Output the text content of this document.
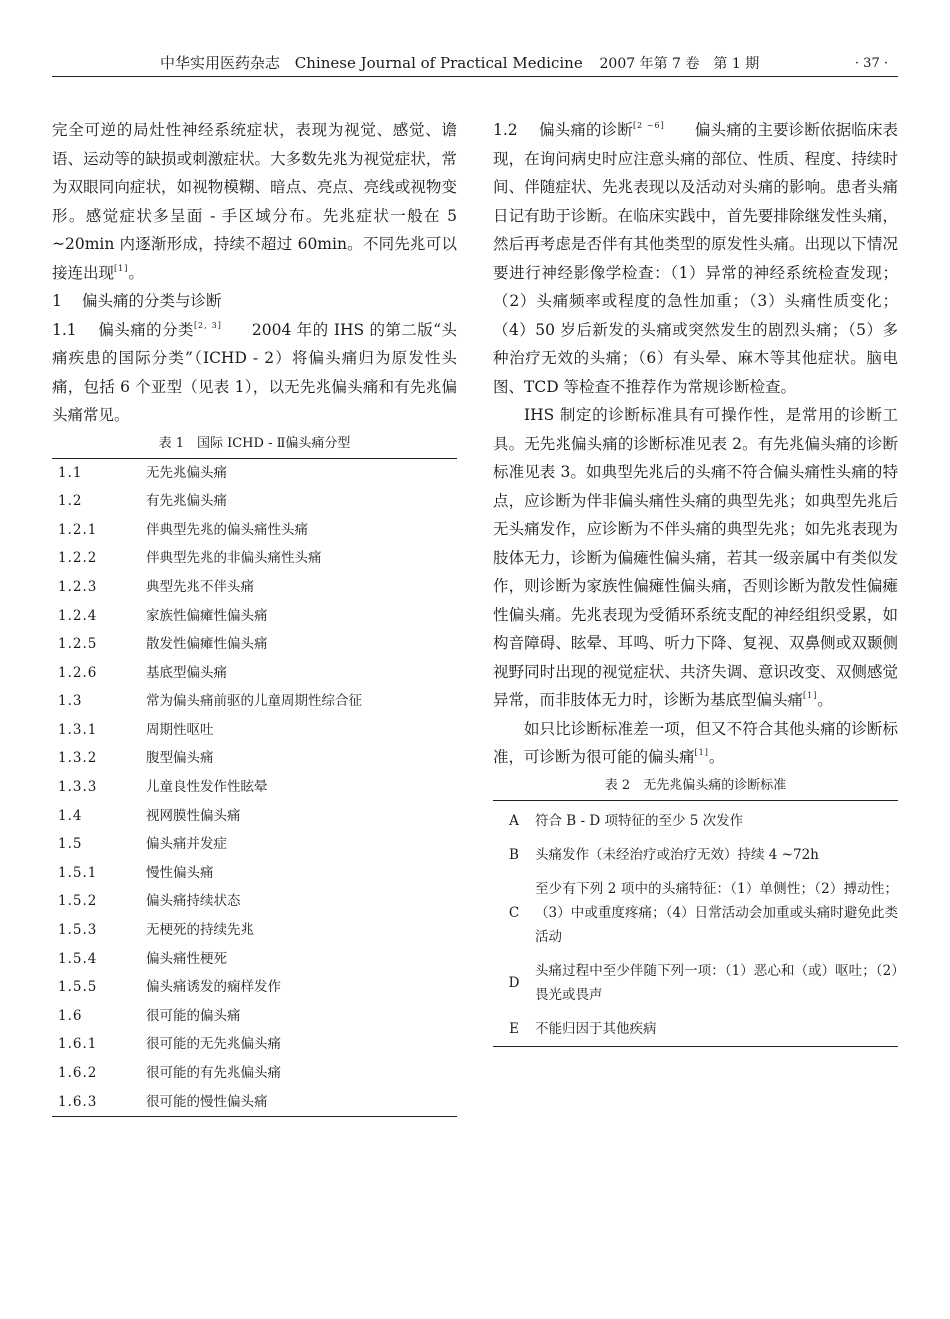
中华实用医药杂志 Chinese Journal of Practical Medicine 2007 年第 7 卷　第 1 期	· 37 ·

完全可逆的局灶性神经系统症状，表现为视觉、感觉、谵语、运动等的缺损或刺激症状。大多数先兆为视觉症状，常为双眼同向症状，如视物模糊、暗点、亮点、亮线或视物变形。感觉症状多呈面 - 手区域分布。先兆症状一般在 5 ~20min 内逐渐形成，持续不超过 60min。不同先兆可以接连出现[1]。

1 偏头痛的分类与诊断

1.1 偏头痛的分类[2, 3] 2004 年的 IHS 的第二版“头痛疾患的国际分类”（ICHD - 2）将偏头痛归为原发性头痛，包括 6 个亚型（见表 1），以无先兆偏头痛和有先兆偏头痛常见。

表 1　国际 ICHD - Ⅱ偏头痛分型
1.1	无先兆偏头痛
1.2	有先兆偏头痛
1.2.1	伴典型先兆的偏头痛性头痛
1.2.2	伴典型先兆的非偏头痛性头痛
1.2.3	典型先兆不伴头痛
1.2.4	家族性偏瘫性偏头痛
1.2.5	散发性偏瘫性偏头痛
1.2.6	基底型偏头痛
1.3	常为偏头痛前驱的儿童周期性综合征
1.3.1	周期性呕吐
1.3.2	腹型偏头痛
1.3.3	儿童良性发作性眩晕
1.4	视网膜性偏头痛
1.5	偏头痛并发症
1.5.1	慢性偏头痛
1.5.2	偏头痛持续状态
1.5.3	无梗死的持续先兆
1.5.4	偏头痛性梗死
1.5.5	偏头痛诱发的痫样发作
1.6	很可能的偏头痛
1.6.1	很可能的无先兆偏头痛
1.6.2	很可能的有先兆偏头痛
1.6.3	很可能的慢性偏头痛

1.2 偏头痛的诊断[2 ~6] 偏头痛的主要诊断依据临床表现，在询问病史时应注意头痛的部位、性质、程度、持续时间、伴随症状、先兆表现以及活动对头痛的影响。患者头痛日记有助于诊断。在临床实践中，首先要排除继发性头痛，然后再考虑是否伴有其他类型的原发性头痛。出现以下情况要进行神经影像学检查：（1）异常的神经系统检查发现；（2）头痛频率或程度的急性加重；（3）头痛性质变化；（4）50 岁后新发的头痛或突然发生的剧烈头痛；（5）多种治疗无效的头痛；（6）有头晕、麻木等其他症状。脑电图、TCD 等检查不推荐作为常规诊断检查。

IHS 制定的诊断标准具有可操作性，是常用的诊断工具。无先兆偏头痛的诊断标准见表 2。有先兆偏头痛的诊断标准见表 3。如典型先兆后的头痛不符合偏头痛性头痛的特点，应诊断为伴非偏头痛性头痛的典型先兆；如典型先兆后无头痛发作，应诊断为不伴头痛的典型先兆；如先兆表现为肢体无力，诊断为偏瘫性偏头痛，若其一级亲属中有类似发作，则诊断为家族性偏瘫性偏头痛，否则诊断为散发性偏瘫性偏头痛。先兆表现为受循环系统支配的神经组织受累，如构音障碍、眩晕、耳鸣、听力下降、复视、双鼻侧或双颞侧视野同时出现的视觉症状、共济失调、意识改变、双侧感觉异常，而非肢体无力时，诊断为基底型偏头痛[1]。

如只比诊断标准差一项，但又不符合其他头痛的诊断标准，可诊断为很可能的偏头痛[1]。

表 2　无先兆偏头痛的诊断标准
A	符合 B - D 项特征的至少 5 次发作
B	头痛发作（未经治疗或治疗无效）持续 4 ~72h
C	至少有下列 2 项中的头痛特征：（1）单侧性；（2）搏动性；（3）中或重度疼痛；（4）日常活动会加重或头痛时避免此类活动
D	头痛过程中至少伴随下列一项：（1）恶心和（或）呕吐；（2）畏光或畏声
E	不能归因于其他疾病
